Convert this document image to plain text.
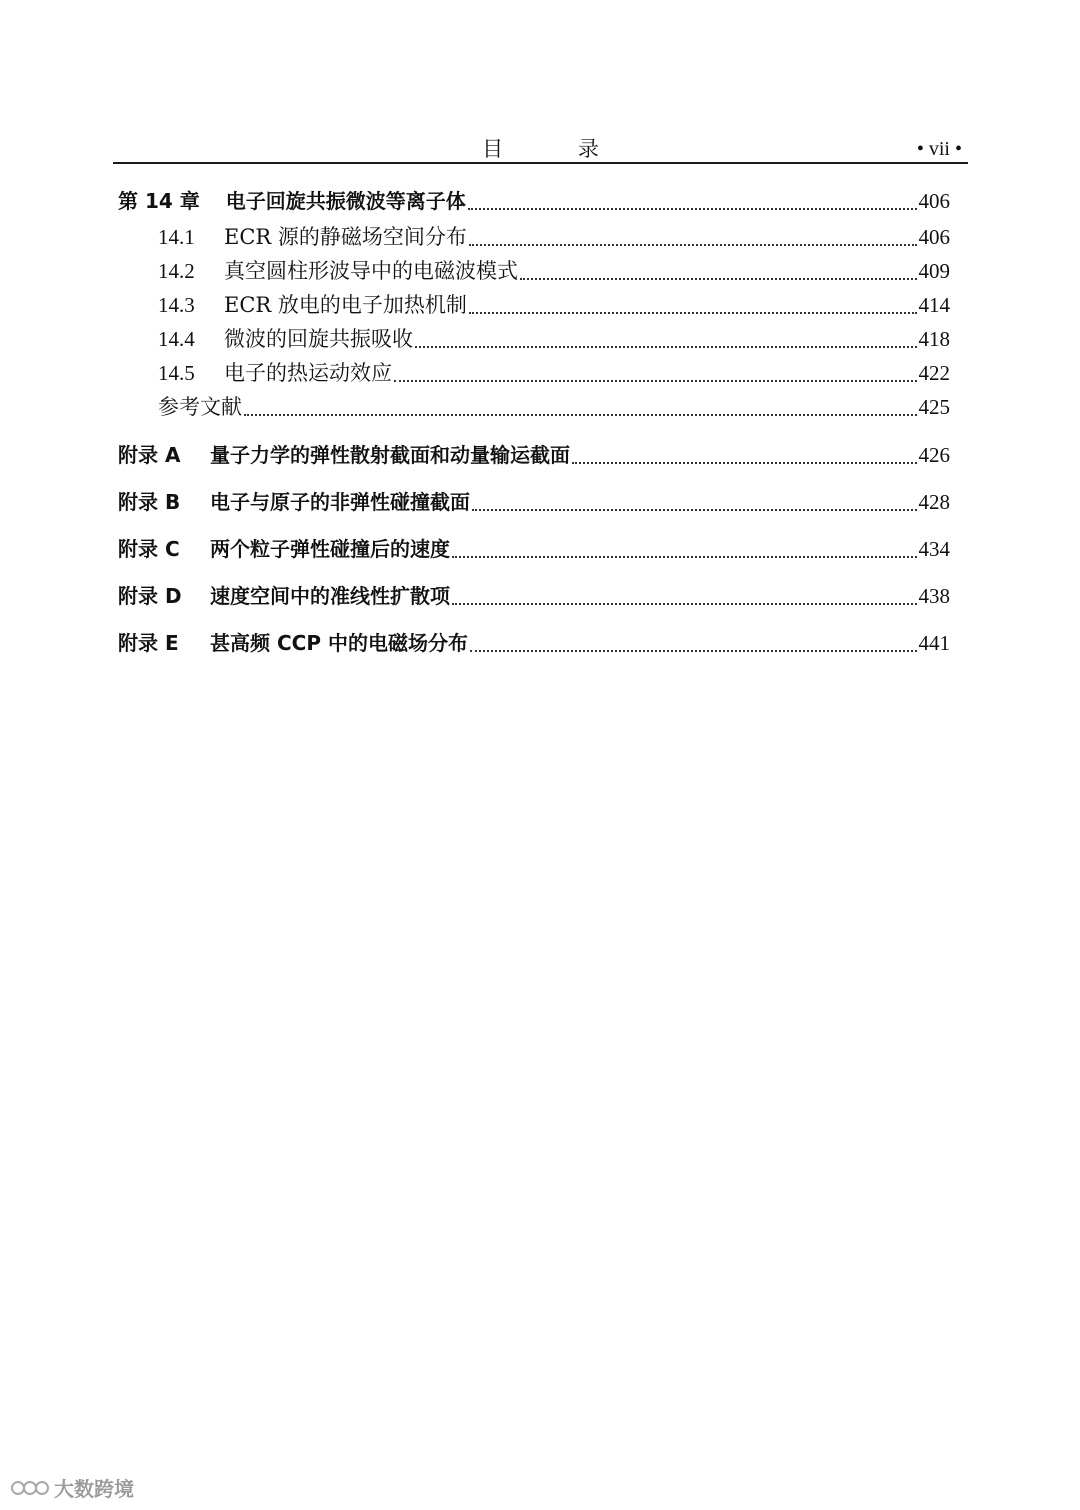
目 录	• vii •
第 14 章 电子回旋共振微波等离子体	406
14.1 ECR 源的静磁场空间分布	406
14.2 真空圆柱形波导中的电磁波模式	409
14.3 ECR 放电的电子加热机制	414
14.4 微波的回旋共振吸收	418
14.5 电子的热运动效应	422
参考文献	425
附录 A 量子力学的弹性散射截面和动量输运截面	426
附录 B 电子与原子的非弹性碰撞截面	428
附录 C 两个粒子弹性碰撞后的速度	434
附录 D 速度空间中的准线性扩散项	438
附录 E 甚高频 CCP 中的电磁场分布	441
大数跨境
